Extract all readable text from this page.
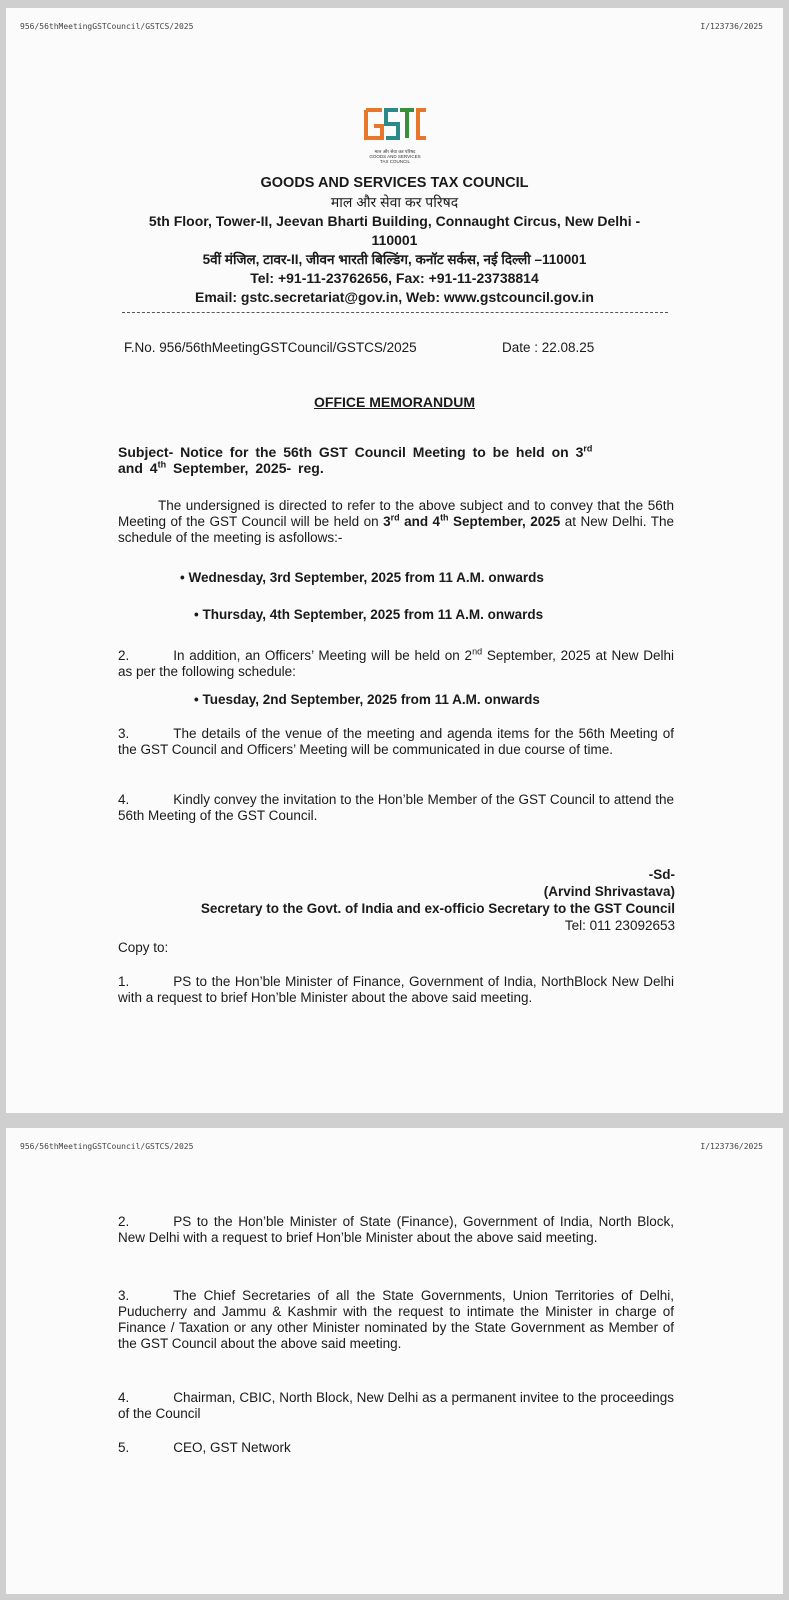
956/56thMeetingGSTCouncil/GSTCS/2025	I/123736/2025
माल और सेवा कर परिषद
GOODS AND SERVICES
TAX COUNCIL
GOODS AND SERVICES TAX COUNCIL
माल और सेवा कर परिषद
5th Floor, Tower-II, Jeevan Bharti Building, Connaught Circus, New Delhi -
110001
5वीं मंजिल, टावर-II, जीवन भारती बिल्डिंग, कनॉट सर्कस, नई दिल्ली –110001
Tel: +91-11-23762656, Fax: +91-11-23738814
Email: gstc.secretariat@gov.in, Web: www.gstcouncil.gov.in
F.No. 956/56thMeetingGSTCouncil/GSTCS/2025	Date : 22.08.25
OFFICE MEMORANDUM
Subject- Notice for the 56th GST Council Meeting to be held on 3rd
and 4th September, 2025- reg.
The undersigned is directed to refer to the above subject and to convey that the 56th Meeting of the GST Council will be held on 3rd and 4th September, 2025 at New Delhi. The schedule of the meeting is asfollows:-
• Wednesday, 3rd September, 2025 from 11 A.M. onwards
• Thursday, 4th September, 2025 from 11 A.M. onwards
2.	In addition, an Officers’ Meeting will be held on 2nd September, 2025 at New Delhi as per the following schedule:
• Tuesday, 2nd September, 2025 from 11 A.M. onwards
3.	The details of the venue of the meeting and agenda items for the 56th Meeting of the GST Council and Officers’ Meeting will be communicated in due course of time.
4.	Kindly convey the invitation to the Hon’ble Member of the GST Council to attend the 56th Meeting of the GST Council.
-Sd-
(Arvind Shrivastava)
Secretary to the Govt. of India and ex-officio Secretary to the GST Council
Tel: 011 23092653
Copy to:
1.	PS to the Hon’ble Minister of Finance, Government of India, NorthBlock New Delhi with a request to brief Hon’ble Minister about the above said meeting.
956/56thMeetingGSTCouncil/GSTCS/2025	I/123736/2025
2.	PS to the Hon’ble Minister of State (Finance), Government of India, North Block, New Delhi with a request to brief Hon’ble Minister about the above said meeting.
3.	The Chief Secretaries of all the State Governments, Union Territories of Delhi, Puducherry and Jammu & Kashmir with the request to intimate the Minister in charge of Finance / Taxation or any other Minister nominated by the State Government as Member of the GST Council about the above said meeting.
4.	Chairman, CBIC, North Block, New Delhi as a permanent invitee to the proceedings of the Council
5.	CEO, GST Network
